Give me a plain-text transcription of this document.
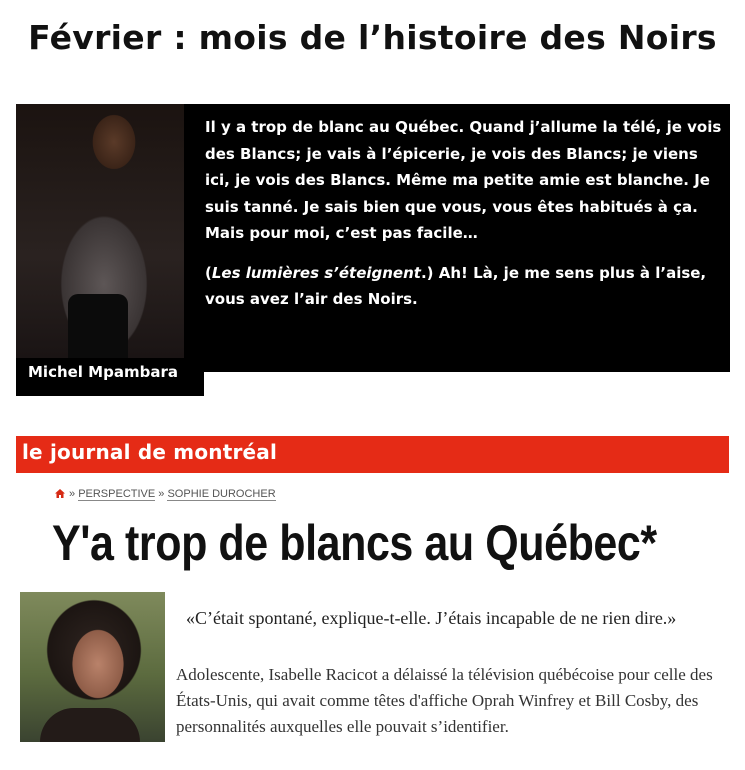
Février : mois de l’histoire des Noirs
Michel Mpambara

Il y a trop de blanc au Québec. Quand j’allume la télé, je vois des Blancs; je vais à l’épicerie, je vois des Blancs; je viens ici, je vois des Blancs. Même ma petite amie est blanche. Je suis tanné. Je sais bien que vous, vous êtes habitués à ça. Mais pour moi, c’est pas facile…

(Les lumières s’éteignent.) Ah! Là, je me sens plus à l’aise, vous avez l’air des Noirs.

le journal de montréal
» PERSPECTIVE » SOPHIE DUROCHER
Y'a trop de blancs au Québec*
«C’était spontané, explique-t-elle. J’étais incapable de ne rien dire.»
Adolescente, Isabelle Racicot a délaissé la télévision québécoise pour celle des États-Unis, qui avait comme têtes d'affiche Oprah Winfrey et Bill Cosby, des personnalités auxquelles elle pouvait s’identifier.
